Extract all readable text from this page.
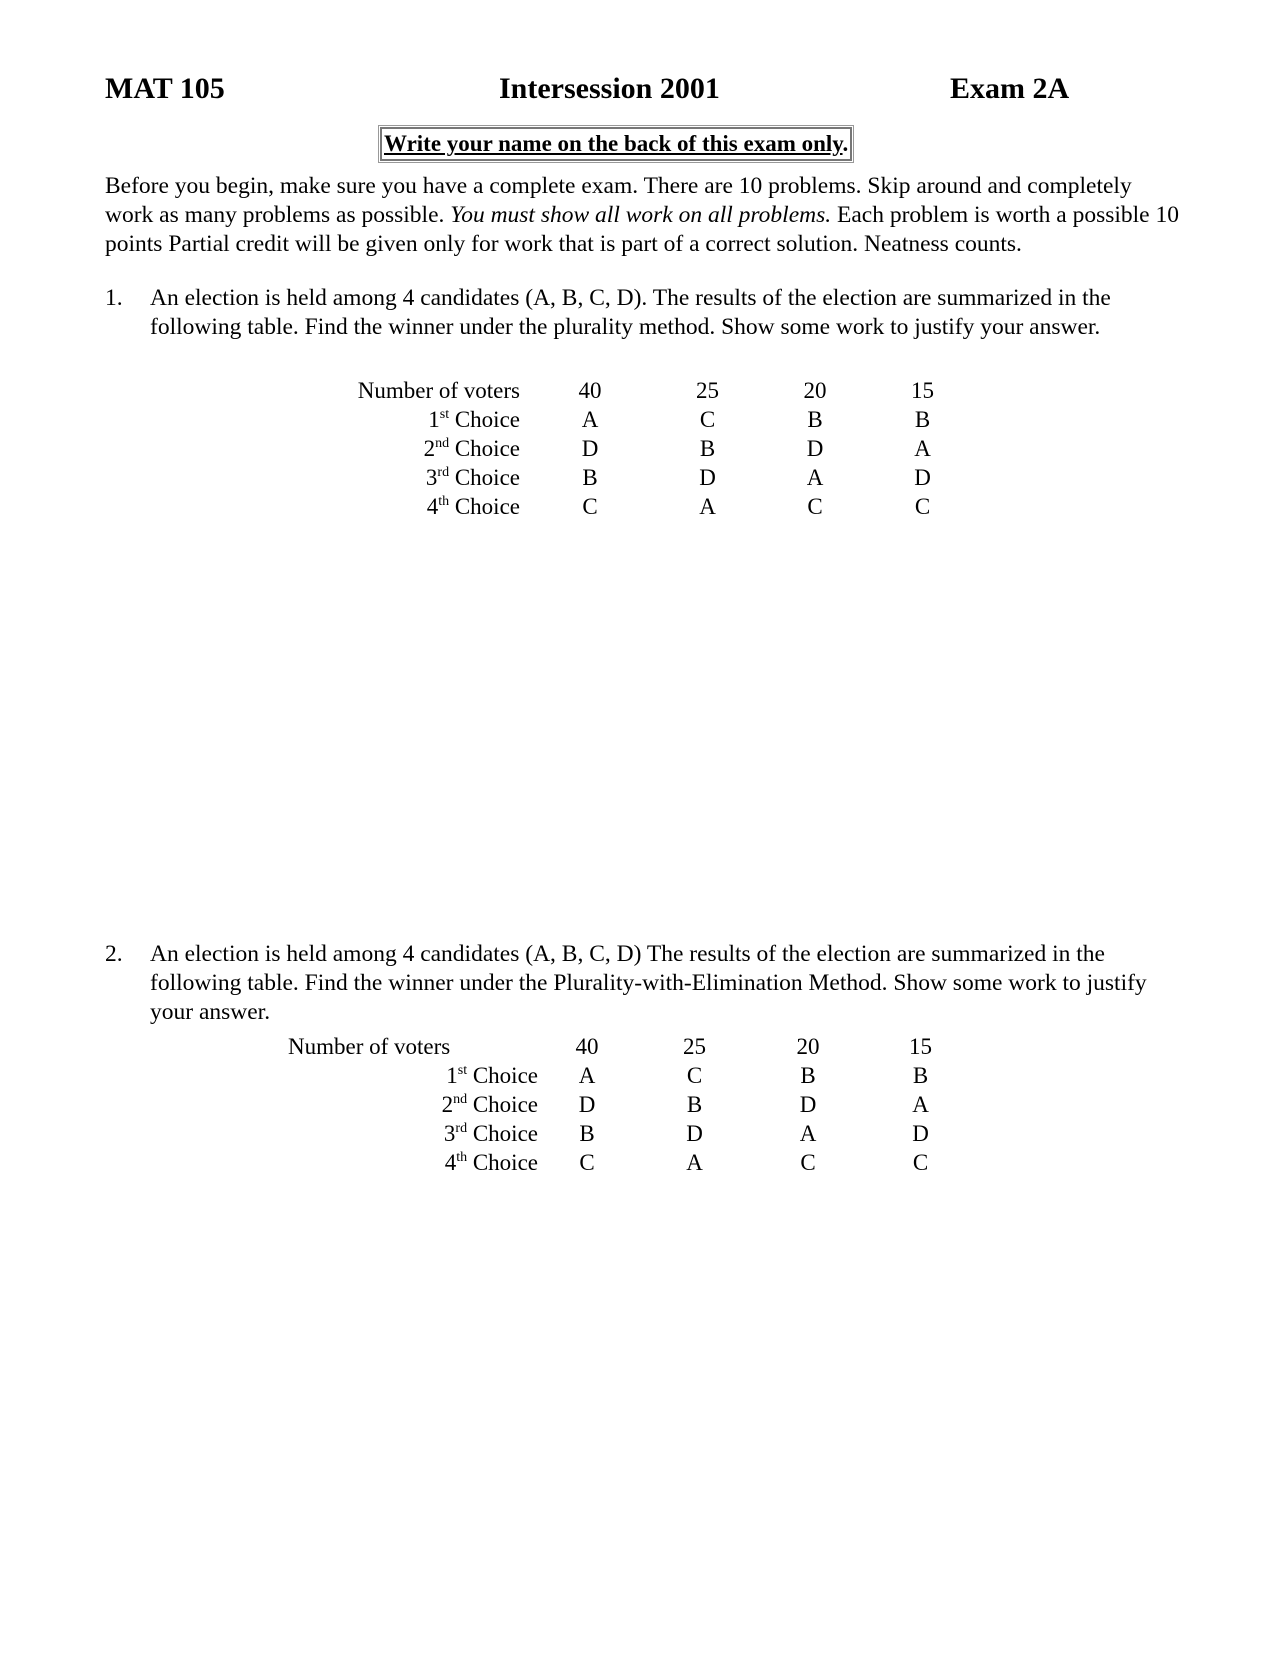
MAT 105	Intersession 2001	Exam 2A
Write your name on the back of this exam only.
Before you begin, make sure you have a complete exam. There are 10 problems. Skip around and completely work as many problems as possible. You must show all work on all problems. Each problem is worth a possible 10 points Partial credit will be given only for work that is part of a correct solution. Neatness counts.
1. An election is held among 4 candidates (A, B, C, D). The results of the election are summarized in the following table. Find the winner under the plurality method. Show some work to justify your answer.
Number of voters	40	25	20	15
1st Choice	A	C	B	B
2nd Choice	D	B	D	A
3rd Choice	B	D	A	D
4th Choice	C	A	C	C
2. An election is held among 4 candidates (A, B, C, D) The results of the election are summarized in the following table. Find the winner under the Plurality-with-Elimination Method. Show some work to justify your answer.
Number of voters	40	25	20	15
1st Choice	A	C	B	B
2nd Choice	D	B	D	A
3rd Choice	B	D	A	D
4th Choice	C	A	C	C
